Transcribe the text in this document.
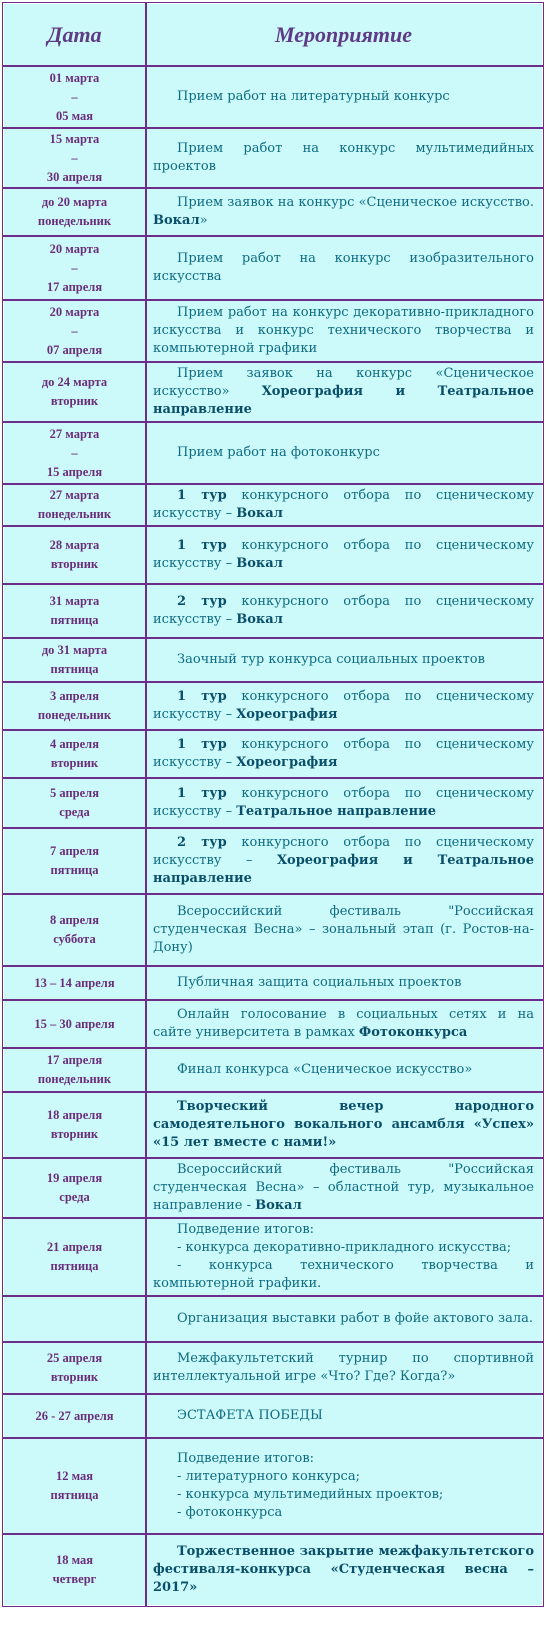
Дата	Мероприятие

01 марта
–
05 мая	Прием работ на литературный конкурс

15 марта
–
30 апреля	Прием работ на конкурс мультимедийных проектов

до 20 марта
понедельник	Прием заявок на конкурс «Сценическое искусство. Вокал»

20 марта
–
17 апреля	Прием работ на конкурс изобразительного искусства

20 марта
–
07 апреля	Прием работ на конкурс декоративно-прикладного искусства и конкурс технического творчества и компьютерной графики

до 24 марта
вторник	Прием заявок на конкурс «Сценическое искусство» Хореография и Театральное направление

27 марта
–
15 апреля	Прием работ на фотоконкурс

27 марта
понедельник	1 тур конкурсного отбора по сценическому искусству – Вокал

28 марта
вторник	1 тур конкурсного отбора по сценическому искусству – Вокал

31 марта
пятница	2 тур конкурсного отбора по сценическому искусству – Вокал

до 31 марта
пятница	Заочный тур конкурса социальных проектов

3 апреля
понедельник	1 тур конкурсного отбора по сценическому искусству – Хореография

4 апреля
вторник	1 тур конкурсного отбора по сценическому искусству – Хореография

5 апреля
среда	1 тур конкурсного отбора по сценическому искусству – Театральное направление

7 апреля
пятница	2 тур конкурсного отбора по сценическому искусству – Хореография и Театральное направление

8 апреля
суббота	Всероссийский фестиваль "Российская студенческая Весна» – зональный этап (г. Ростов-на-Дону)

13 – 14 апреля	Публичная защита социальных проектов

15 – 30 апреля	Онлайн голосование в социальных сетях и на сайте университета в рамках Фотоконкурса

17 апреля
понедельник	Финал конкурса «Сценическое искусство»

18 апреля
вторник	Творческий вечер народного самодеятельного вокального ансамбля «Успех» «15 лет вместе с нами!»

19 апреля
среда	Всероссийский фестиваль "Российская студенческая Весна» – областной тур, музыкальное направление - Вокал

21 апреля
пятница	Подведение итогов:
- конкурса декоративно-прикладного искусства;
- конкурса технического творчества и компьютерной графики.
	Организация выставки работ в фойе актового зала.

25 апреля
вторник	Межфакультетский турнир по спортивной интеллектуальной игре «Что? Где? Когда?»

26 - 27 апреля	ЭСТАФЕТА ПОБЕДЫ

12 мая
пятница	Подведение итогов:
- литературного конкурса;
- конкурса мультимедийных проектов;
- фотоконкурса

18 мая
четверг	Торжественное закрытие межфакультетского фестиваля-конкурса «Студенческая весна – 2017»
